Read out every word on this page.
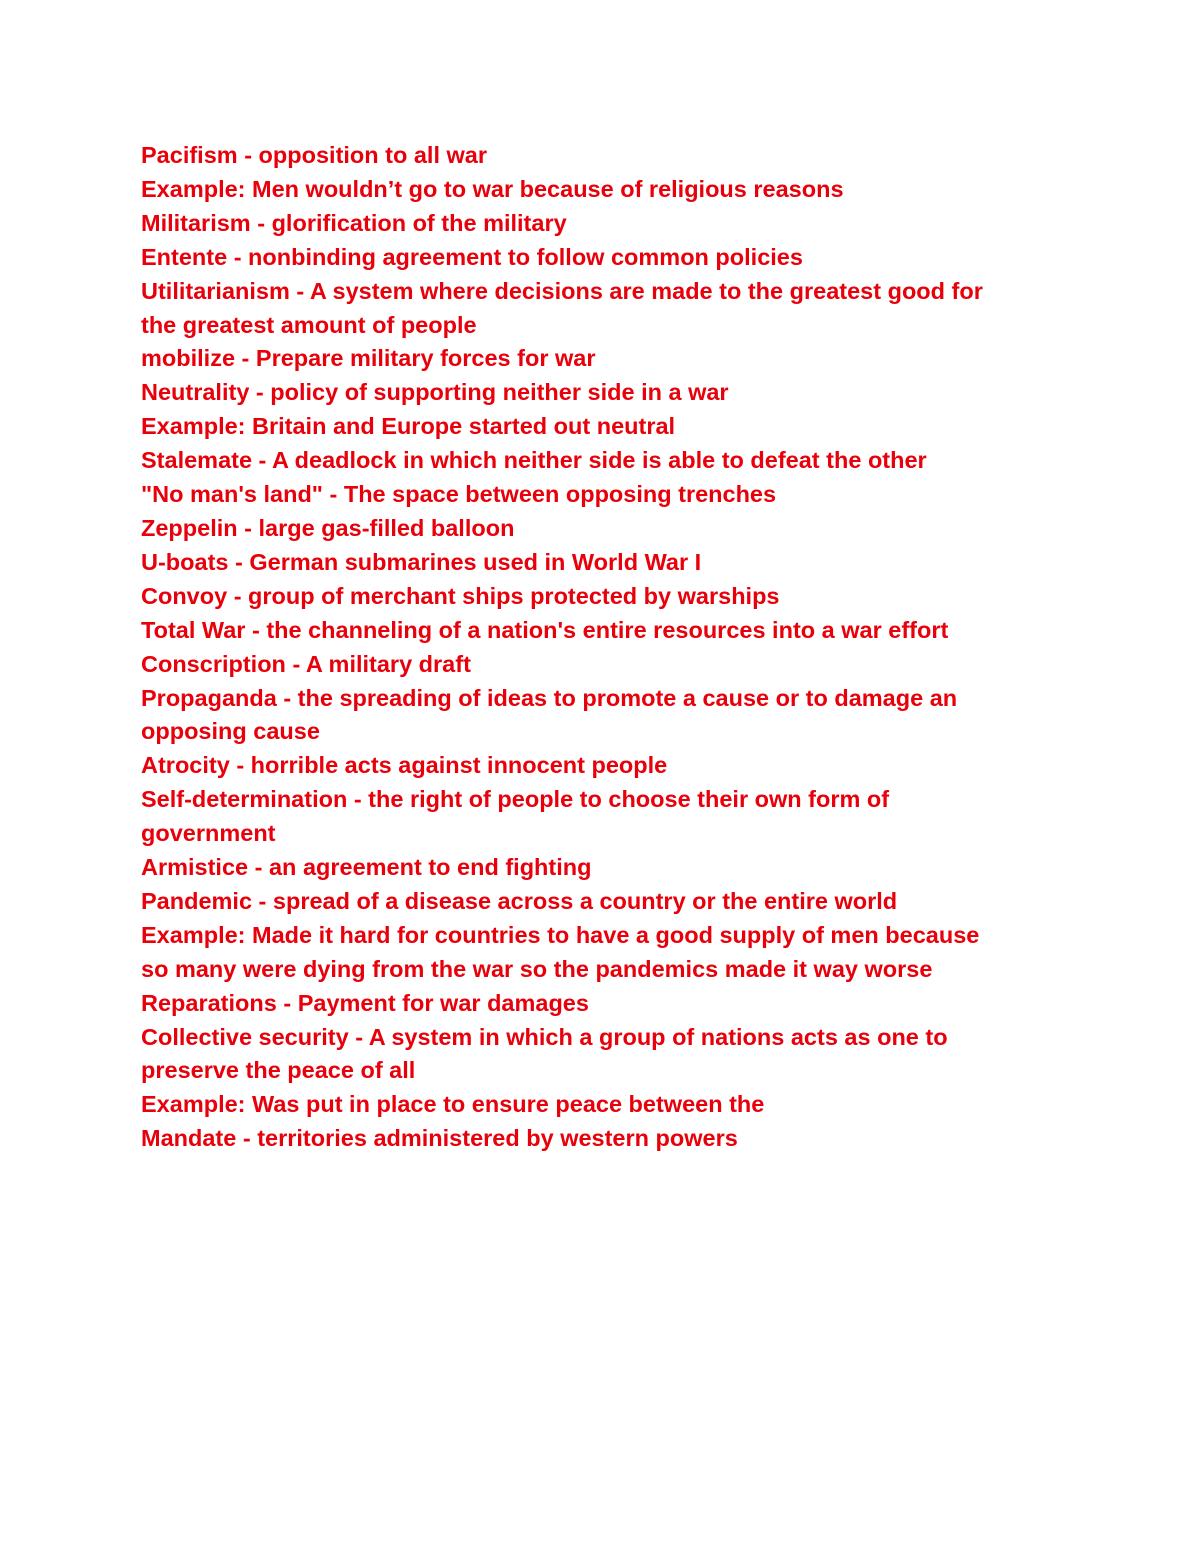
Pacifism - opposition to all war
Example: Men wouldn’t go to war because of religious reasons
Militarism - glorification of the military
Entente - nonbinding agreement to follow common policies
Utilitarianism - A system where decisions are made to the greatest good for
the greatest amount of people
mobilize - Prepare military forces for war
Neutrality - policy of supporting neither side in a war
Example: Britain and Europe started out neutral
Stalemate - A deadlock in which neither side is able to defeat the other
"No man's land" - The space between opposing trenches
Zeppelin - large gas-filled balloon
U-boats - German submarines used in World War I
Convoy - group of merchant ships protected by warships
Total War - the channeling of a nation's entire resources into a war effort
Conscription - A military draft
Propaganda - the spreading of ideas to promote a cause or to damage an
opposing cause
Atrocity - horrible acts against innocent people
Self-determination - the right of people to choose their own form of
government
Armistice - an agreement to end fighting
Pandemic - spread of a disease across a country or the entire world
Example: Made it hard for countries to have a good supply of men because
so many were dying from the war so the pandemics made it way worse
Reparations - Payment for war damages
Collective security - A system in which a group of nations acts as one to
preserve the peace of all
Example: Was put in place to ensure peace between the
Mandate - territories administered by western powers
